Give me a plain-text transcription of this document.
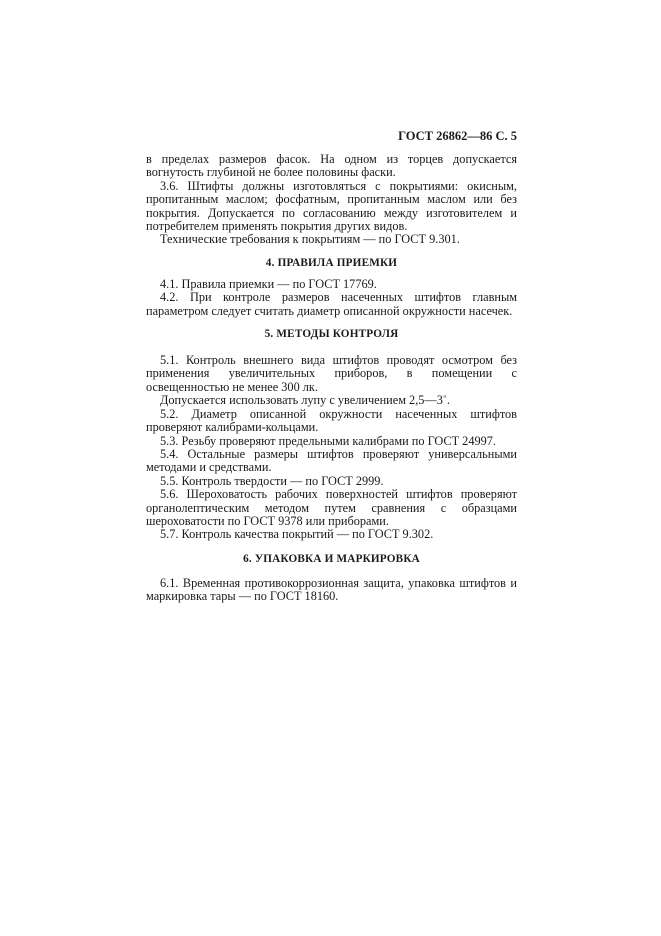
ГОСТ 26862—86 С. 5

в пределах размеров фасок. На одном из торцев допускается вогнутость глубиной не более половины фаски.

3.6. Штифты должны изготовляться с покрытиями: окисным, пропитанным маслом; фосфатным, пропитанным маслом или без покрытия. Допускается по согласованию между изготовителем и потребителем применять покрытия других видов.

Технические требования к покрытиям — по ГОСТ 9.301.

4. ПРАВИЛА ПРИЕМКИ

4.1. Правила приемки — по ГОСТ 17769.

4.2. При контроле размеров насеченных штифтов главным параметром следует считать диаметр описанной окружности насечек.

5. МЕТОДЫ КОНТРОЛЯ

5.1. Контроль внешнего вида штифтов проводят осмотром без применения увеличительных приборов, в помещении с освещенностью не менее 300 лк.

Допускается использовать лупу с увеличением 2,5—3×.

5.2. Диаметр описанной окружности насеченных штифтов проверяют калибрами-кольцами.

5.3. Резьбу проверяют предельными калибрами по ГОСТ 24997.

5.4. Остальные размеры штифтов проверяют универсальными методами и средствами.

5.5. Контроль твердости — по ГОСТ 2999.

5.6. Шероховатость рабочих поверхностей штифтов проверяют органолептическим методом путем сравнения с образцами шероховатости по ГОСТ 9378 или приборами.

5.7. Контроль качества покрытий — по ГОСТ 9.302.

6. УПАКОВКА И МАРКИРОВКА

6.1. Временная противокоррозионная защита, упаковка штифтов и маркировка тары — по ГОСТ 18160.
